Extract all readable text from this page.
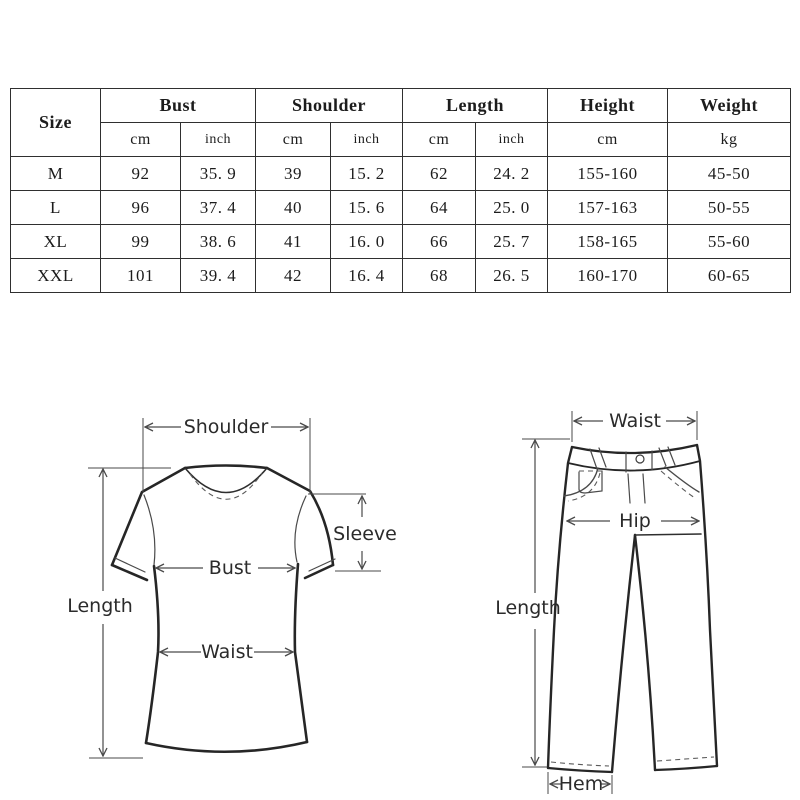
Size	Bust		Shoulder		Length		Height	Weight
	cm	inch	cm	inch	cm	inch	cm	kg
M	92	35. 9	39	15. 2	62	24. 2	155-160	45-50
L	96	37. 4	40	15. 6	64	25. 0	157-163	50-55
XL	99	38. 6	41	16. 0	66	25. 7	158-165	55-60
XXL	101	39. 4	42	16. 4	68	26. 5	160-170	60-65
Shoulder
Length
Sleeve
Bust
Waist
Waist
Hip
Length
Hem
